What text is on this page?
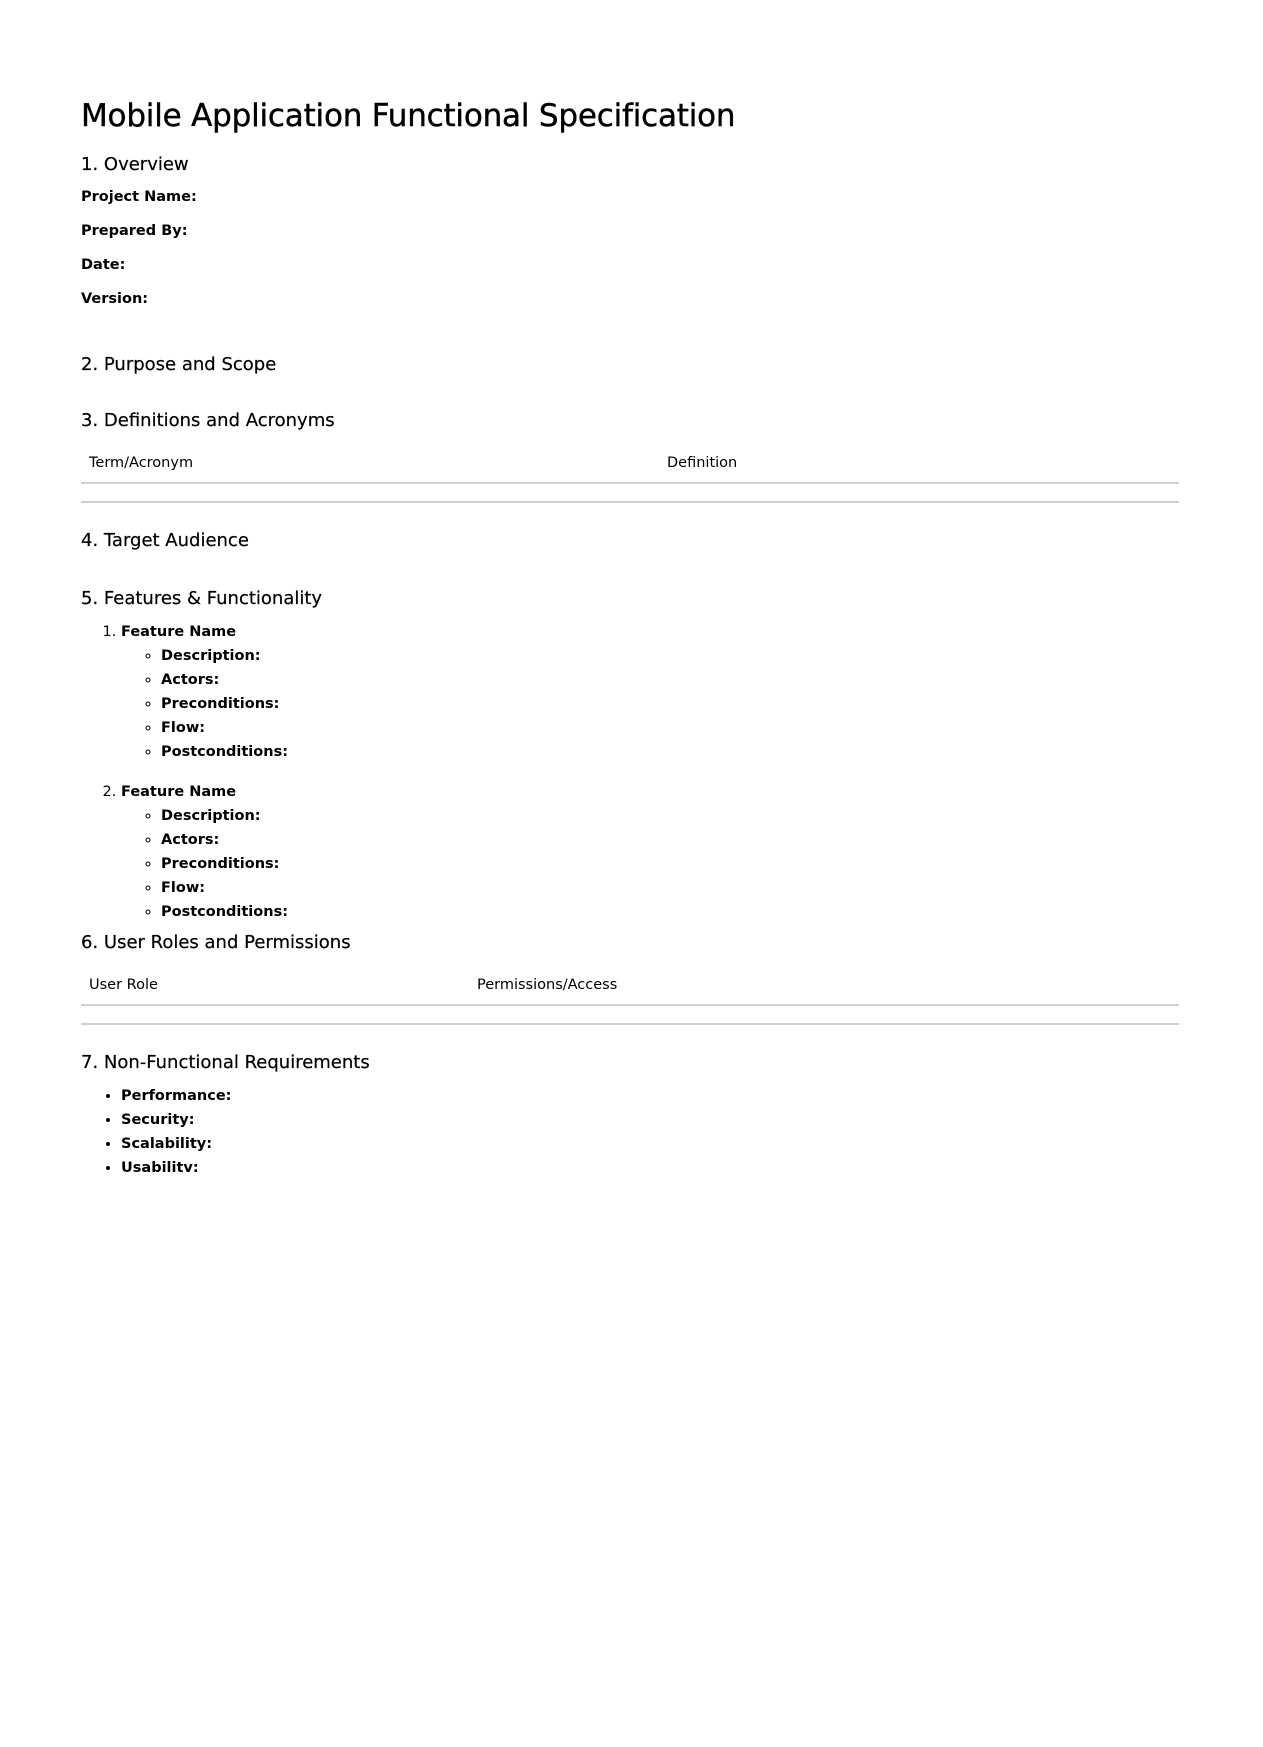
Mobile Application Functional Specification
1. Overview

Project Name:

Prepared By:

Date:

Version:

2. Purpose and Scope
3. Definitions and Acronyms
Term/Acronym	Definition

4. Target Audience
5. Features & Functionality
1. Feature Name
◦ Description:
◦ Actors:
◦ Preconditions:
◦ Flow:
◦ Postconditions:
2. Feature Name
◦ Description:
◦ Actors:
◦ Preconditions:
◦ Flow:
◦ Postconditions:
6. User Roles and Permissions
User Role	Permissions/Access

7. Non-Functional Requirements
• Performance:
• Security:
• Scalability:
• Usabilitv:
